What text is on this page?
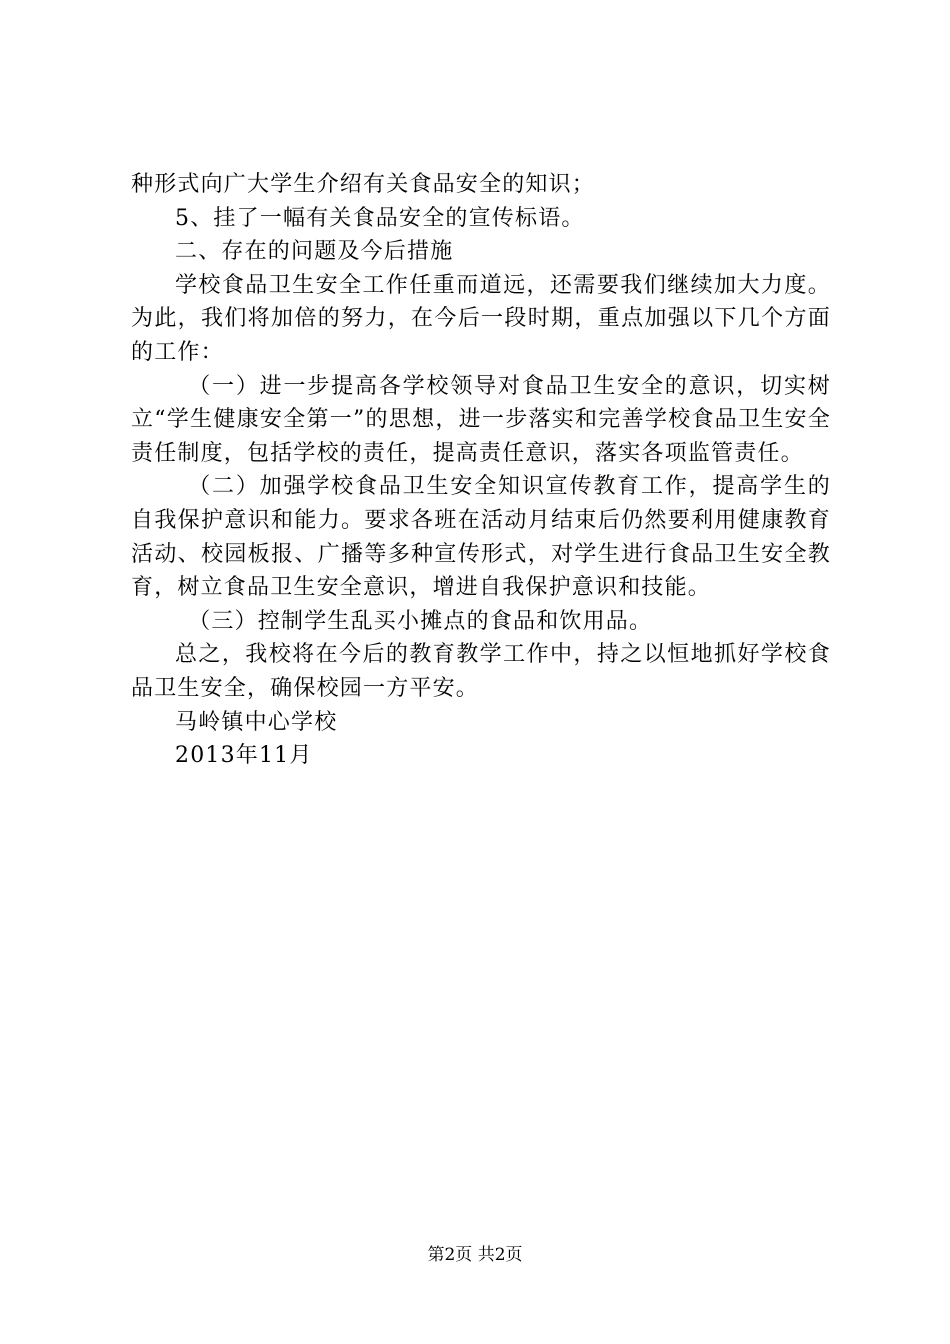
种形式向广大学生介绍有关食品安全的知识；

5、挂了一幅有关食品安全的宣传标语。

二、存在的问题及今后措施

学校食品卫生安全工作任重而道远，还需要我们继续加大力度。为此，我们将加倍的努力，在今后一段时期，重点加强以下几个方面的工作：

（一）进一步提高各学校领导对食品卫生安全的意识，切实树立“学生健康安全第一”的思想，进一步落实和完善学校食品卫生安全责任制度，包括学校的责任，提高责任意识，落实各项监管责任。

（二）加强学校食品卫生安全知识宣传教育工作，提高学生的自我保护意识和能力。要求各班在活动月结束后仍然要利用健康教育活动、校园板报、广播等多种宣传形式，对学生进行食品卫生安全教育，树立食品卫生安全意识，增进自我保护意识和技能。

（三）控制学生乱买小摊点的食品和饮用品。

总之，我校将在今后的教育教学工作中，持之以恒地抓好学校食品卫生安全，确保校园一方平安。

马岭镇中心学校

2013年11月

第2页 共2页
